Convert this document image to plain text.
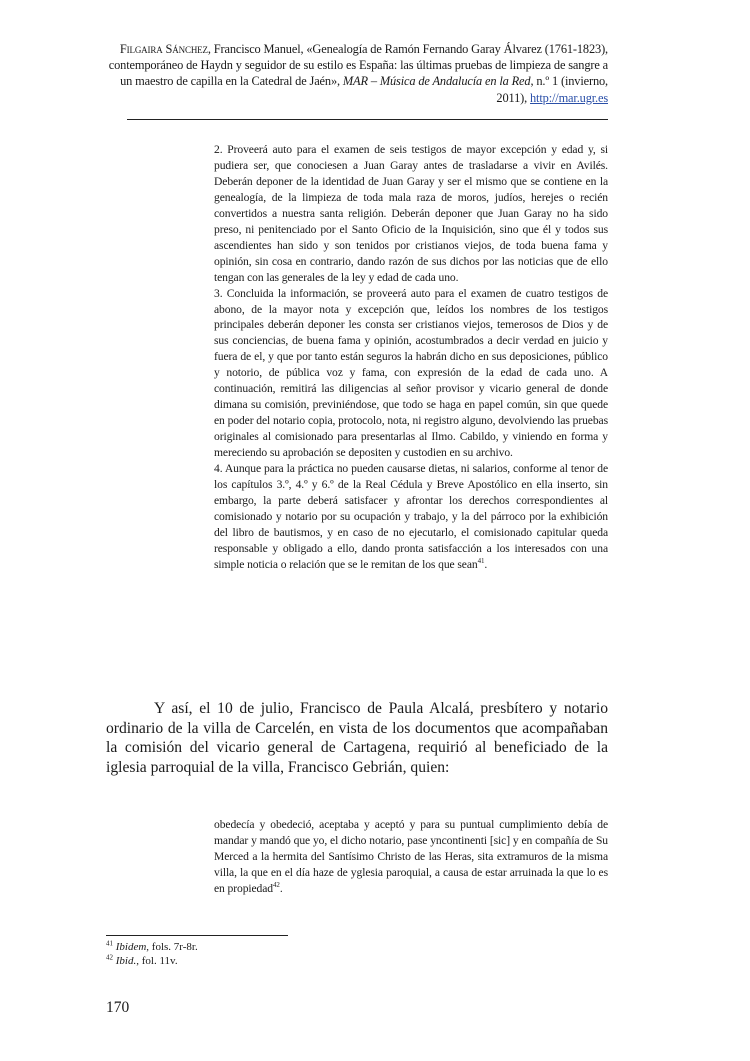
Filgaira Sánchez, Francisco Manuel, «Genealogía de Ramón Fernando Garay Álvarez (1761-1823), contemporáneo de Haydn y seguidor de su estilo es España: las últimas pruebas de limpieza de sangre a un maestro de capilla en la Catedral de Jaén», MAR – Música de Andalucía en la Red, n.º 1 (invierno, 2011), http://mar.ugr.es

2. Proveerá auto para el examen de seis testigos de mayor excepción y edad y, si pudiera ser, que conociesen a Juan Garay antes de trasladarse a vivir en Avilés. Deberán deponer de la identidad de Juan Garay y ser el mismo que se contiene en la genealogía, de la limpieza de toda mala raza de moros, judíos, herejes o recién convertidos a nuestra santa religión. Deberán deponer que Juan Garay no ha sido preso, ni penitenciado por el Santo Oficio de la Inquisición, sino que él y todos sus ascendientes han sido y son tenidos por cristianos viejos, de toda buena fama y opinión, sin cosa en contrario, dando razón de sus dichos por las noticias que de ello tengan con las generales de la ley y edad de cada uno.

3. Concluida la información, se proveerá auto para el examen de cuatro testigos de abono, de la mayor nota y excepción que, leídos los nombres de los testigos principales deberán deponer les consta ser cristianos viejos, temerosos de Dios y de sus conciencias, de buena fama y opinión, acostumbrados a decir verdad en juicio y fuera de el, y que por tanto están seguros la habrán dicho en sus deposiciones, público y notorio, de pública voz y fama, con expresión de la edad de cada uno. A continuación, remitirá las diligencias al señor provisor y vicario general de donde dimana su comisión, previniéndose, que todo se haga en papel común, sin que quede en poder del notario copia, protocolo, nota, ni registro alguno, devolviendo las pruebas originales al comisionado para presentarlas al Ilmo. Cabildo, y viniendo en forma y mereciendo su aprobación se depositen y custodien en su archivo.

4. Aunque para la práctica no pueden causarse dietas, ni salarios, conforme al tenor de los capítulos 3.º, 4.º y 6.º de la Real Cédula y Breve Apostólico en ella inserto, sin embargo, la parte deberá satisfacer y afrontar los derechos correspondientes al comisionado y notario por su ocupación y trabajo, y la del párroco por la exhibición del libro de bautismos, y en caso de no ejecutarlo, el comisionado capitular queda responsable y obligado a ello, dando pronta satisfacción a los interesados con una simple noticia o relación que se le remitan de los que sean$^{41}$.

Y así, el 10 de julio, Francisco de Paula Alcalá, presbítero y notario ordinario de la villa de Carcelén, en vista de los documentos que acompañaban la comisión del vicario general de Cartagena, requirió al beneficiado de la iglesia parroquial de la villa, Francisco Gebrián, quien:

obedecía y obedeció, aceptaba y aceptó y para su puntual cumplimiento debía de mandar y mandó que yo, el dicho notario, pase yncontinenti [sic] y en compañía de Su Merced a la hermita del Santísimo Christo de las Heras, sita extramuros de la misma villa, la que en el día haze de yglesia paroquial, a causa de estar arruinada la que lo es en propiedad$^{42}$.

$^{41}$ Ibidem, fols. 7r-8r.
$^{42}$ Ibid., fol. 11v.
170
